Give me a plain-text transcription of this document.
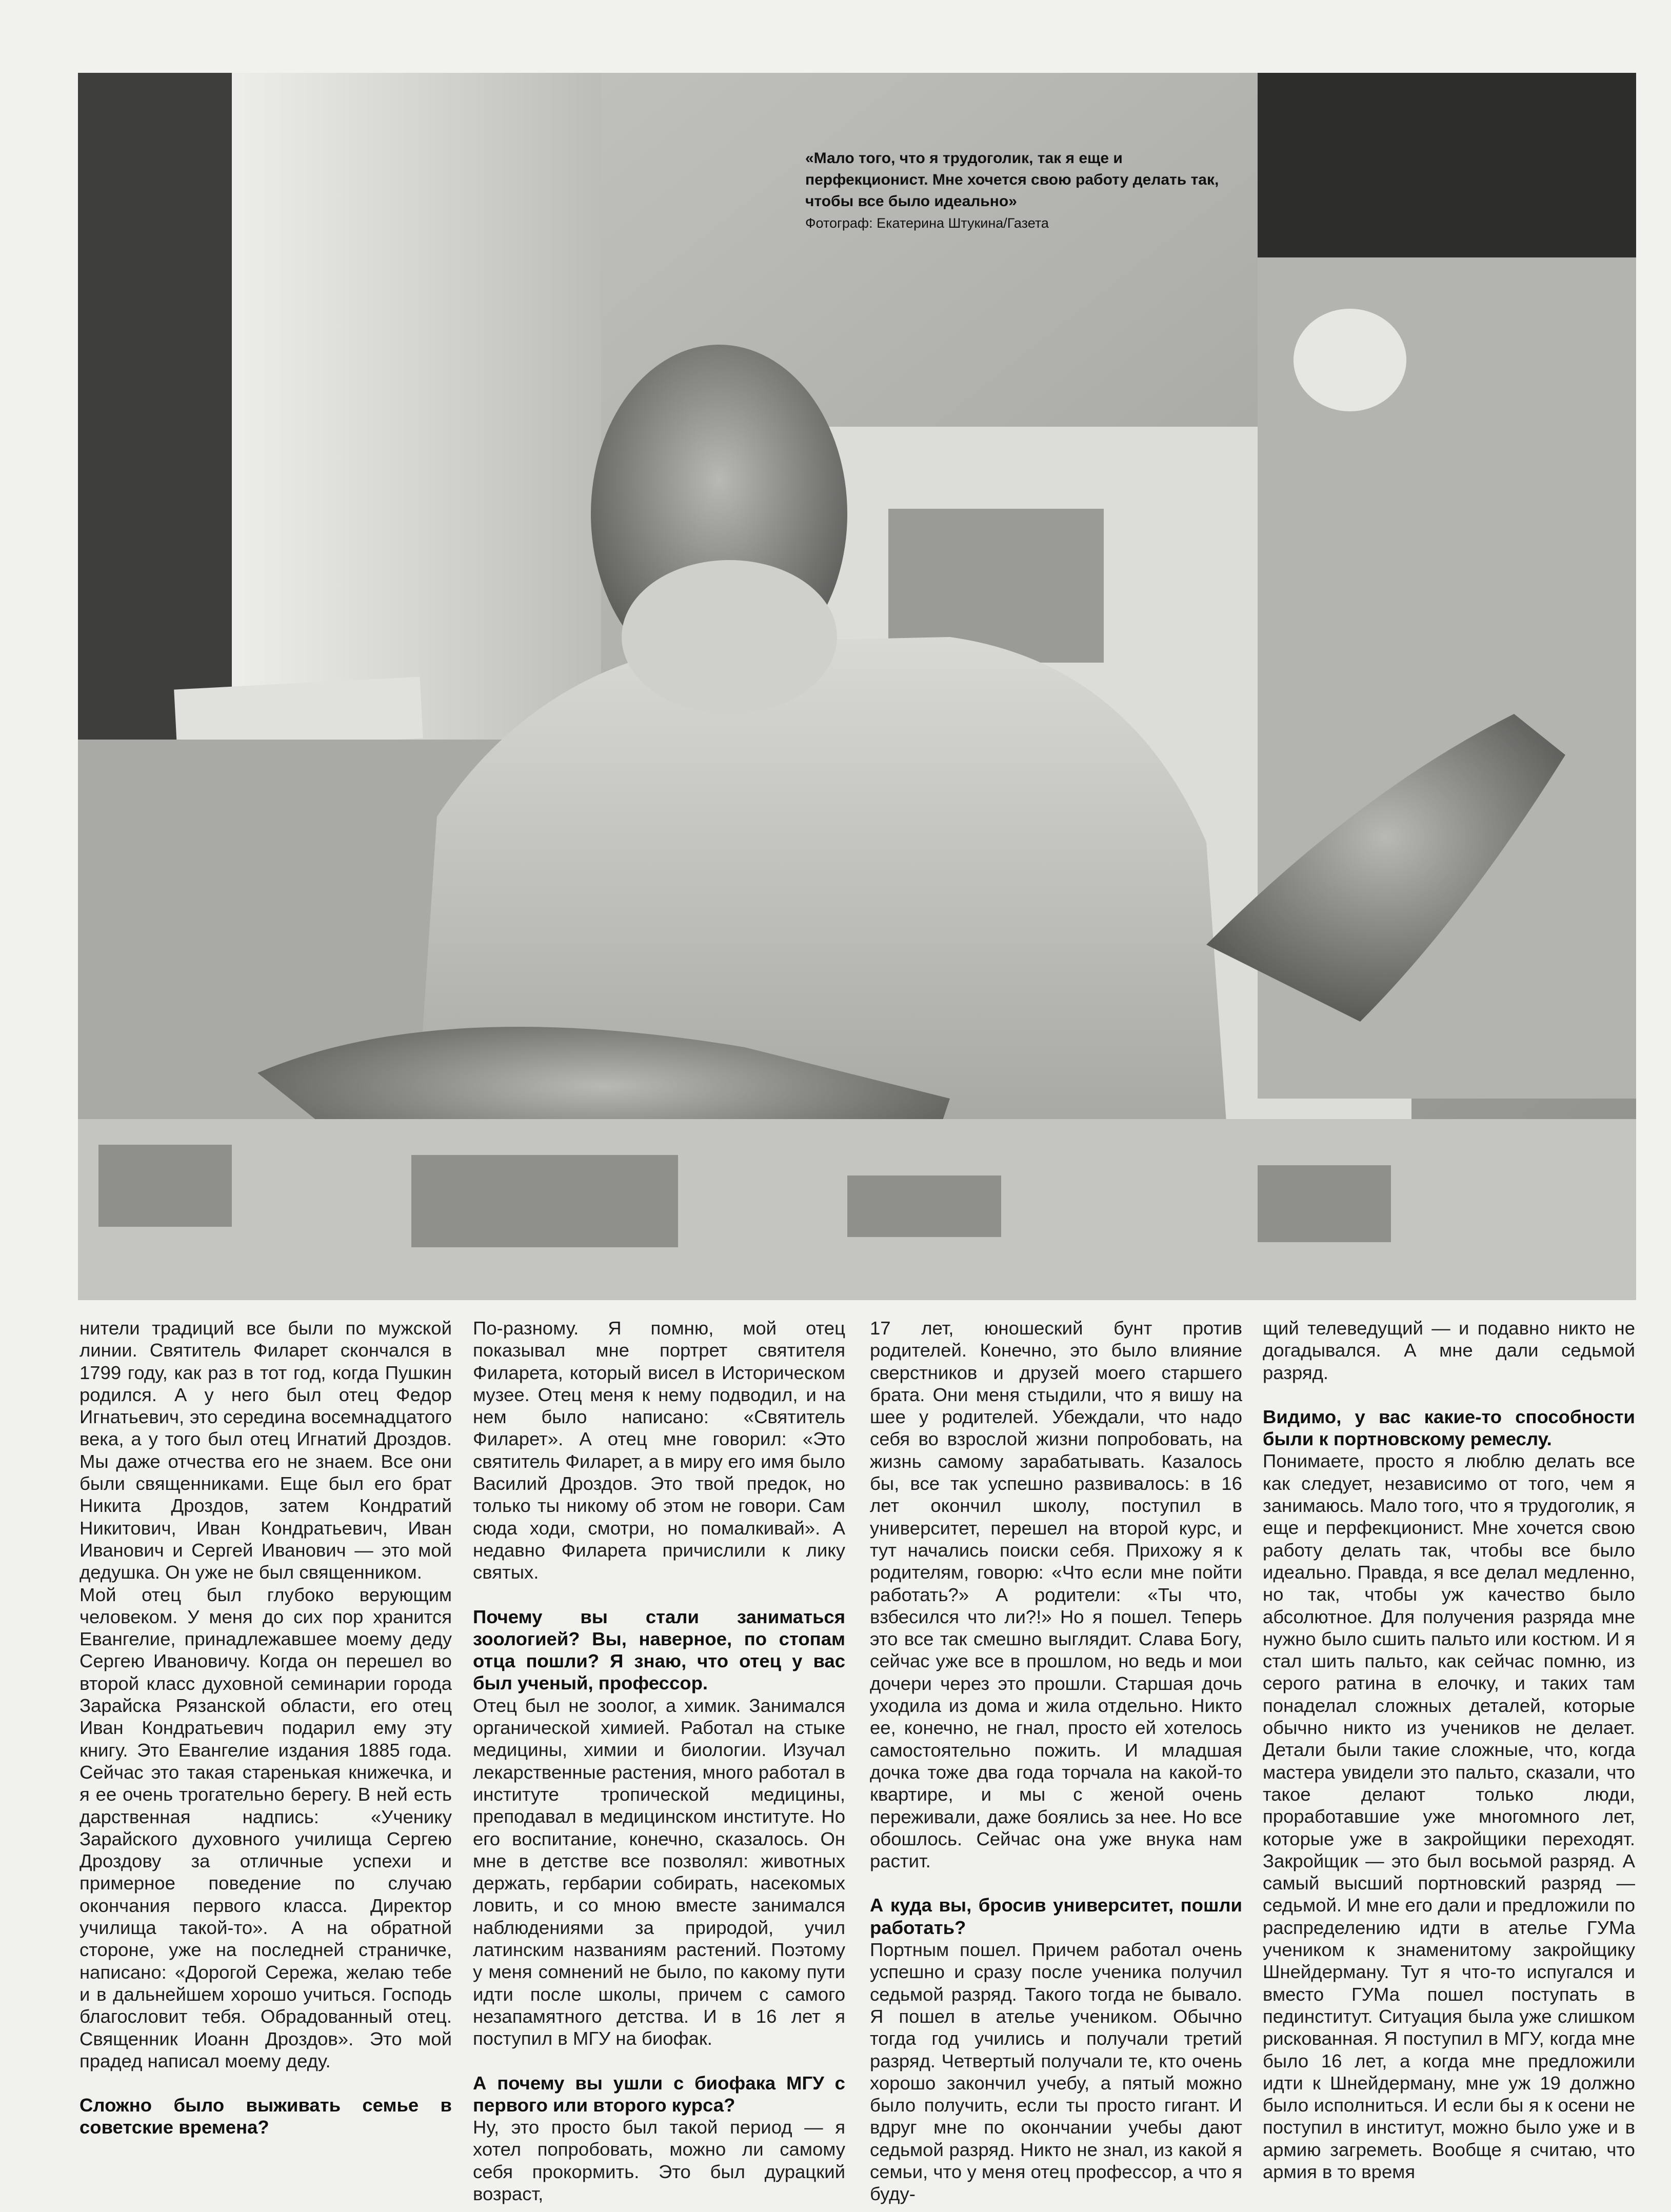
«Мало того, что я трудоголик, так я еще и перфекционист. Мне хочется свою работу делать так, чтобы все было идеально»
Фотограф: Екатерина Штукина/Газета

нители традиций все были по мужской линии. Святитель Филарет скончался в 1799 году, как раз в тот год, когда Пушкин родился. А у него был отец Федор Игнатьевич, это середина восемнадцатого века, а у того был отец Игнатий Дроздов. Мы даже отчества его не знаем. Все они были священниками. Еще был его брат Никита Дроздов, затем Кондратий Никитович, Иван Кондратьевич, Иван Иванович и Сергей Иванович — это мой дедушка. Он уже не был священником.

Мой отец был глубоко верующим человеком. У меня до сих пор хранится Евангелие, принадлежавшее моему деду Сергею Ивановичу. Когда он перешел во второй класс духовной семинарии города Зарайска Рязанской области, его отец Иван Кондратьевич подарил ему эту книгу. Это Евангелие издания 1885 года. Сейчас это такая старенькая книжечка, и я ее очень трогательно берегу. В ней есть дарственная надпись: «Ученику Зарайского духовного училища Сергею Дроздову за отличные успехи и примерное поведение по случаю окончания первого класса. Директор училища такой-то». А на обратной стороне, уже на последней страничке, написано: «Дорогой Сережа, желаю тебе и в дальнейшем хорошо учиться. Господь благословит тебя. Обрадованный отец. Священник Иоанн Дроздов». Это мой прадед написал моему деду.

Сложно было выживать семье в советские времена?

По-разному. Я помню, мой отец показывал мне портрет святителя Филарета, который висел в Историческом музее. Отец меня к нему подводил, и на нем было написано: «Святитель Филарет». А отец мне говорил: «Это святитель Филарет, а в миру его имя было Василий Дроздов. Это твой предок, но только ты никому об этом не говори. Сам сюда ходи, смотри, но помалкивай». А недавно Филарета причислили к лику святых.

Почему вы стали заниматься зоологией? Вы, наверное, по стопам отца пошли? Я знаю, что отец у вас был ученый, профессор.

Отец был не зоолог, а химик. Занимался органической химией. Работал на стыке медицины, химии и биологии. Изучал лекарственные растения, много работал в институте тропической медицины, преподавал в медицинском институте. Но его воспитание, конечно, сказалось. Он мне в детстве все позволял: животных держать, гербарии собирать, насекомых ловить, и со мною вместе занимался наблюдениями за природой, учил латинским названиям растений. Поэтому у меня сомнений не было, по какому пути идти после школы, причем с самого незапамятного детства. И в 16 лет я поступил в МГУ на биофак.

А почему вы ушли с биофака МГУ с первого или второго курса?

Ну, это просто был такой период — я хотел попробовать, можно ли самому себя прокормить. Это был дурацкий возраст,

17 лет, юношеский бунт против родителей. Конечно, это было влияние сверстников и друзей моего старшего брата. Они меня стыдили, что я вишу на шее у родителей. Убеждали, что надо себя во взрослой жизни попробовать, на жизнь самому зарабатывать. Казалось бы, все так успешно развивалось: в 16 лет окончил школу, поступил в университет, перешел на второй курс, и тут начались поиски себя. Прихожу я к родителям, говорю: «Что если мне пойти работать?» А родители: «Ты что, взбесился что ли?!» Но я пошел. Теперь это все так смешно выглядит. Слава Богу, сейчас уже все в прошлом, но ведь и мои дочери через это прошли. Старшая дочь уходила из дома и жила отдельно. Никто ее, конечно, не гнал, просто ей хотелось самостоятельно пожить. И младшая дочка тоже два года торчала на какой-то квартире, и мы с женой очень переживали, даже боялись за нее. Но все обошлось. Сейчас она уже внука нам растит.

А куда вы, бросив университет, пошли работать?

Портным пошел. Причем работал очень успешно и сразу после ученика получил седьмой разряд. Такого тогда не бывало. Я пошел в ателье учеником. Обычно тогда год учились и получали третий разряд. Четвертый получали те, кто очень хорошо закончил учебу, а пятый можно было получить, если ты просто гигант. И вдруг мне по окончании учебы дают седьмой разряд. Никто не знал, из какой я семьи, что у меня отец профессор, а что я буду-

щий телеведущий — и подавно никто не догадывался. А мне дали седьмой разряд.

Видимо, у вас какие-то способности были к портновскому ремеслу.

Понимаете, просто я люблю делать все как следует, независимо от того, чем я занимаюсь. Мало того, что я трудоголик, я еще и перфекционист. Мне хочется свою работу делать так, чтобы все было идеально. Правда, я все делал медленно, но так, чтобы уж качество было абсолютное. Для получения разряда мне нужно было сшить пальто или костюм. И я стал шить пальто, как сейчас помню, из серого ратина в елочку, и таких там понаделал сложных деталей, которые обычно никто из учеников не делает. Детали были такие сложные, что, когда мастера увидели это пальто, сказали, что такое делают только люди, проработавшие уже многомного лет, которые уже в закройщики переходят. Закройщик — это был восьмой разряд. А самый высший портновский разряд — седьмой. И мне его дали и предложили по распределению идти в ателье ГУМа учеником к знаменитому закройщику Шнейдерману. Тут я что-то испугался и вместо ГУМа пошел поступать в пединститут. Ситуация была уже слишком рискованная. Я поступил в МГУ, когда мне было 16 лет, а когда мне предложили идти к Шнейдерману, мне уж 19 должно было исполниться. И если бы я к осени не поступил в институт, можно было уже и в армию загреметь. Вообще я считаю, что армия в то время
